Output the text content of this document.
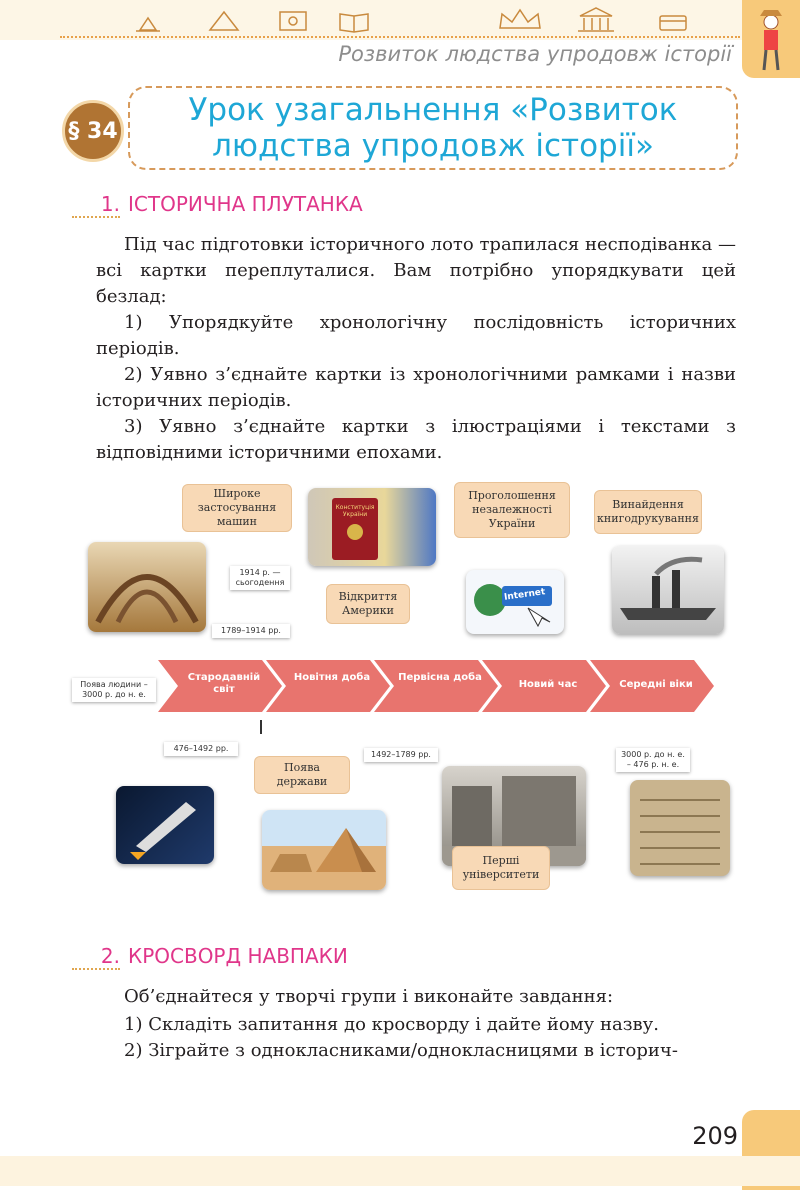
Розвиток людства упродовж історії
§ 34
Урок узагальнення «Розвиток людства упродовж історії»
1. ІСТОРИЧНА ПЛУТАНКА
Під час підготовки історичного лото трапилася несподіванка — всі картки переплуталися. Вам потрібно упорядкувати цей безлад:
1) Упорядкуйте хронологічну послідовність історичних періодів.
2) Уявно з’єднайте картки із хронологічними рамками і назви історичних періодів.
3) Уявно з’єднайте картки з ілюстраціями і текстами з відповідними історичними епохами.
Конституція України
Internet
Широке застосування машин
Відкриття Америки
Проголошення незалежності України
Винайдення книгодрукування
Поява держави
Перші університети
1914 р. — сьогодення
1789–1914 рр.
Поява людини – 3000 р. до н. е.
476–1492 рр.
1492–1789 рр.	3000 р. до н. е. – 476 р. н. е.
Стародавній світ
Новітня доба	Первісна доба
Новий час	Середні віки
2. КРОСВОРД НАВПАКИ
Об’єднайтеся у творчі групи і виконайте завдання:
1) Складіть запитання до кросворду і дайте йому назву.
2) Зіграйте з однокласниками/однокласницями в історич-
209
